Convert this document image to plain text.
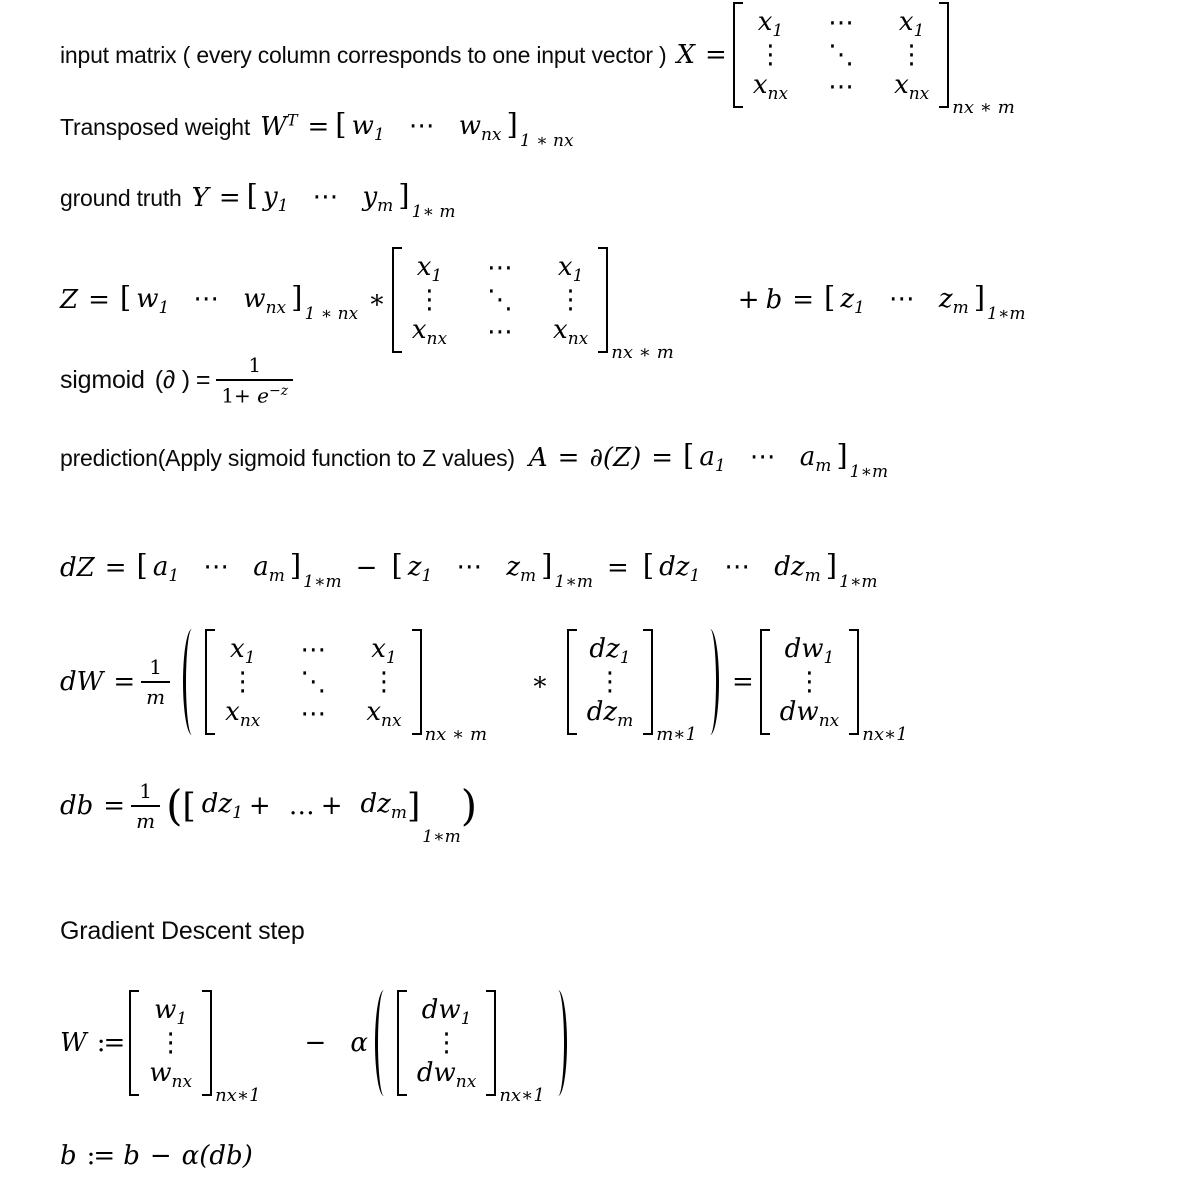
input matrix ( every column corresponds to one input vector ) X =
$x_1$ ⋯ $x_1$
⋮ ⋱ ⋮
$x_{nx}$ ⋯ $x_{nx}$
nx ∗ m
Transposed weight $W^T$ = [ $w_1$ ⋯ $w_{nx}$ ]
1 ∗ nx
ground truth Y = [ $y_1$ ⋯ $y_m$ ]
1∗ m
Z = [ $w_1$ ⋯ $w_{nx}$ ]
1 ∗ nx ∗
$x_1$ ⋯ $x_1$
⋮ ⋱ ⋮
$x_{nx}$ ⋯ $x_{nx}$
nx ∗ m
+ b = [ $z_1$ ⋯ $z_m$ ]
1∗m
sigmoid (∂ ) = $\frac{1}{1+ e^{-z}}$
prediction(Apply sigmoid function to Z values) A = ∂(Z) = [ $a_1$ ⋯ $a_m$ ]
1∗m
dZ = [ $a_1$ ⋯ $a_m$ ]
1∗m − [ $z_1$ ⋯ $z_m$ ]
1∗m = [ $dz_1$ ⋯ $dz_m$ ]
1∗m
dW = $\frac{1}{m}$
$x_1$ ⋯ $x_1$
⋮ ⋱ ⋮
$x_{nx}$ ⋯ $x_{nx}$
nx ∗ m
∗
$dz_1$
⋮
$dz_m$
m∗1
=
$dw_1$
⋮
$dw_{nx}$
nx∗1
db = $\frac{1}{m}$ ( [ $dz_1$ + … + $dz_m$ ]
1∗m
)
Gradient Descent step
W :=
$w_1$
⋮
$w_{nx}$
nx∗1
− α
$dw_1$
⋮
$dw_{nx}$
nx∗1
b := b − α(db)
